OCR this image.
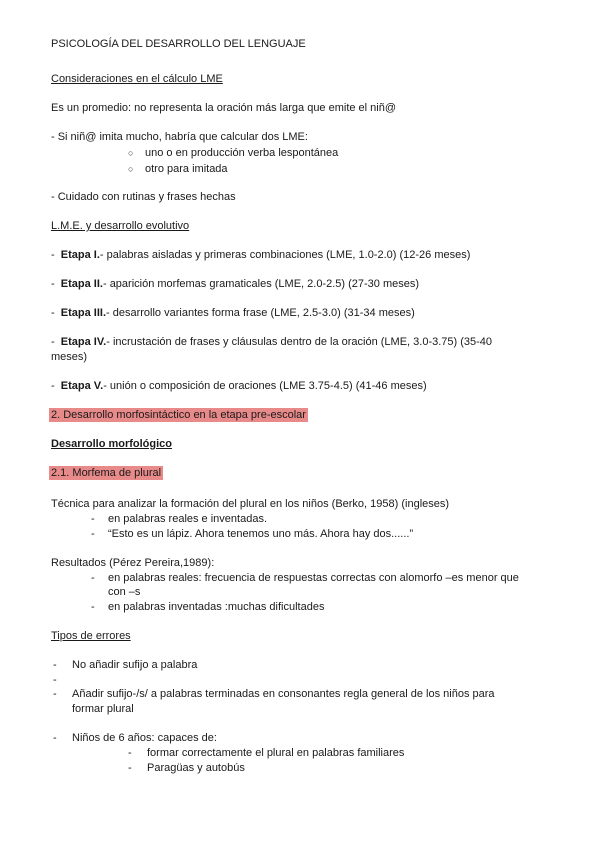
PSICOLOGÍA DEL DESARROLLO DEL LENGUAJE
Consideraciones en el cálculo LME
Es un promedio: no representa la oración más larga que emite el niñ@
- Si niñ@ imita mucho, habría que calcular dos LME:
○ uno o en producción verba lespontánea
○ otro para imitada
- Cuidado con rutinas y frases hechas
L.M.E. y desarrollo evolutivo
-  Etapa I.- palabras aisladas y primeras combinaciones (LME, 1.0-2.0) (12-26 meses)
-  Etapa II.- aparición morfemas gramaticales (LME, 2.0-2.5) (27-30 meses)
-  Etapa III.- desarrollo variantes forma frase (LME, 2.5-3.0) (31-34 meses)
-  Etapa IV.- incrustación de frases y cláusulas dentro de la oración (LME, 3.0-3.75) (35-40
meses)
-  Etapa V.- unión o composición de oraciones (LME 3.75-4.5) (41-46 meses)
2. Desarrollo morfosintáctico en la etapa pre-escolar
Desarrollo morfológico
2.1. Morfema de plural
Técnica para analizar la formación del plural en los niños (Berko, 1958) (ingleses)
- en palabras reales e inventadas.
- “Esto es un lápiz. Ahora tenemos uno más. Ahora hay dos......”
Resultados (Pérez Pereira,1989):
- en palabras reales: frecuencia de respuestas correctas con alomorfo –es menor que
con –s
- en palabras inventadas :muchas dificultades
Tipos de errores
- No añadir sufijo a palabra
-
- Añadir sufijo-/s/ a palabras terminadas en consonantes regla general de los niños para
formar plural
- Niños de 6 años: capaces de:
- formar correctamente el plural en palabras familiares
- Paragüas y autobús
